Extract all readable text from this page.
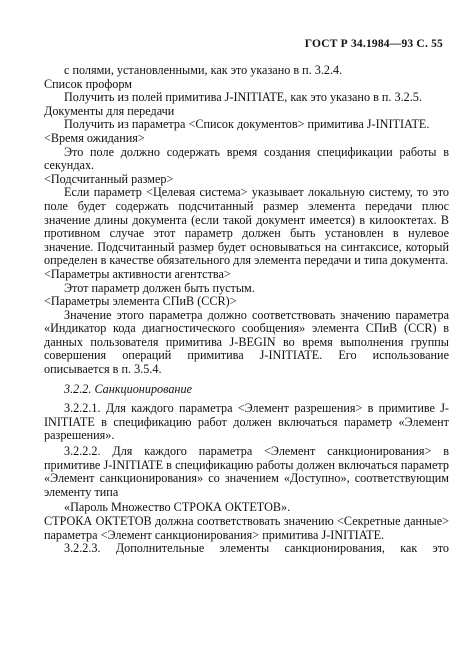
ГОСТ Р 34.1984—93 С. 55

с полями, установленными, как это указано в п. 3.2.4.

Список проформ

Получить из полей примитива J-INITIATE, как это указано в п. 3.2.5.

Документы для передачи

Получить из параметра <Список документов> примитива J-INITIATE.

<Время ожидания>

Это поле должно содержать время создания спецификации работы в секундах.

<Подсчитанный размер>

Если параметр <Целевая система> указывает локальную систему, то это поле будет содержать подсчитанный размер элемента передачи плюс значение длины документа (если такой документ имеется) в килооктетах. В противном случае этот параметр должен быть установлен в нулевое значение. Подсчитанный размер будет основываться на синтаксисе, который определен в качестве обязательного для элемента передачи и типа документа.

<Параметры активности агентства>

Этот параметр должен быть пустым.

<Параметры элемента СПиВ (CCR)>

Значение этого параметра должно соответствовать значению параметра «Индикатор кода диагностического сообщения» элемента СПиВ (CCR) в данных пользователя примитива J-BEGIN во время выполнения группы совершения операций примитива J-INITIATE. Его использование описывается в п. 3.5.4.

3.2.2. Санкционирование

3.2.2.1. Для каждого параметра <Элемент разрешения> в примитиве J-INITIATE в спецификацию работ должен включаться параметр «Элемент разрешения».

3.2.2.2. Для каждого параметра <Элемент санкционирования> в примитиве J-INITIATE в спецификацию работы должен включаться параметр «Элемент санкционирования» со значением «Доступно», соответствующим элементу типа

«Пароль Множество СТРОКА ОКТЕТОВ».

СТРОКА ОКТЕТОВ должна соответствовать значению <Секретные данные> параметра <Элемент санкционирования> примитива J-INITIATE.

3.2.2.3. Дополнительные элементы санкционирования, как это
